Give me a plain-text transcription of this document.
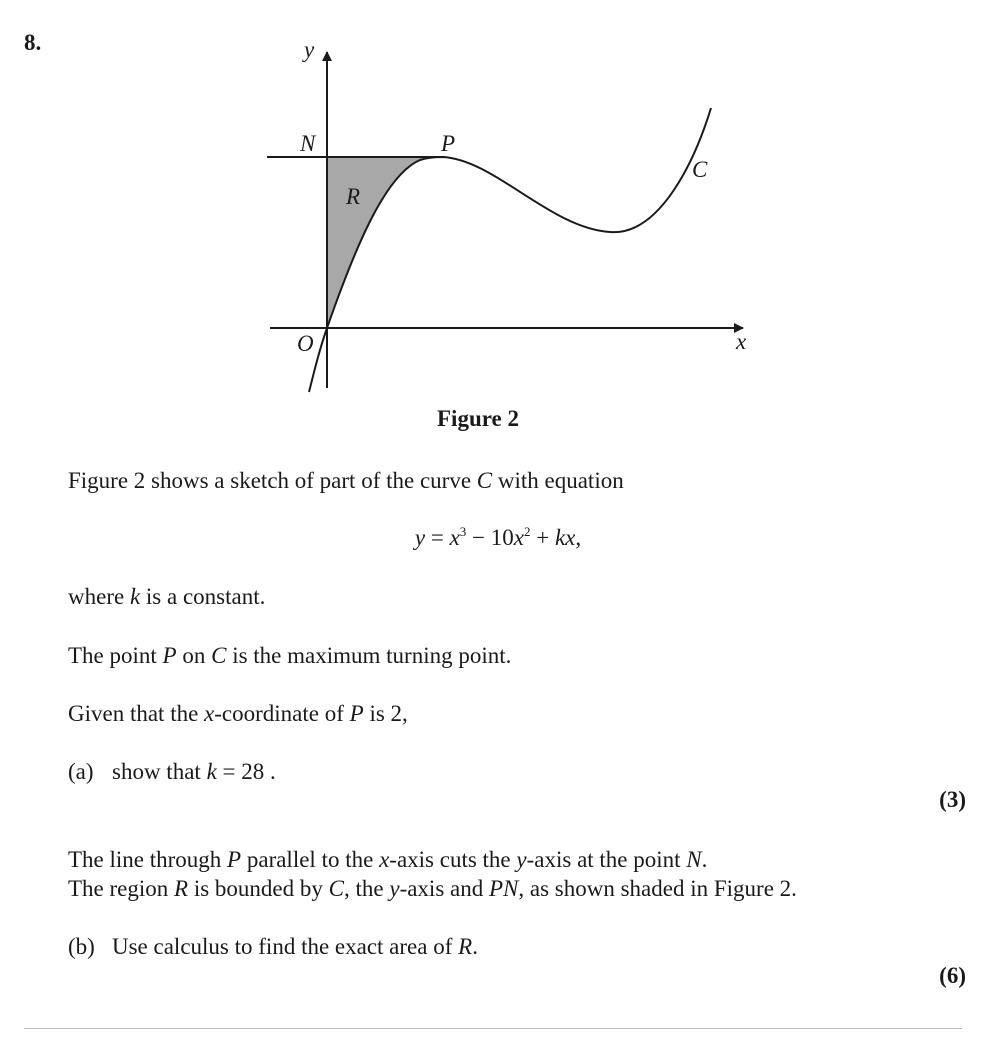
8.	y
x
O
N	P
R
C
Figure 2
Figure 2 shows a sketch of part of the curve C with equation
$y = x^3 - 10x^2$ + kx,
where k is a constant.
The point P on C is the maximum turning point.
Given that the x-coordinate of P is 2,
(a) show that k = 28 .
(3)
The line through P parallel to the x-axis cuts the y-axis at the point N.
The region R is bounded by C, the y-axis and PN, as shown shaded in Figure 2.
(b) Use calculus to find the exact area of R.
(6)
